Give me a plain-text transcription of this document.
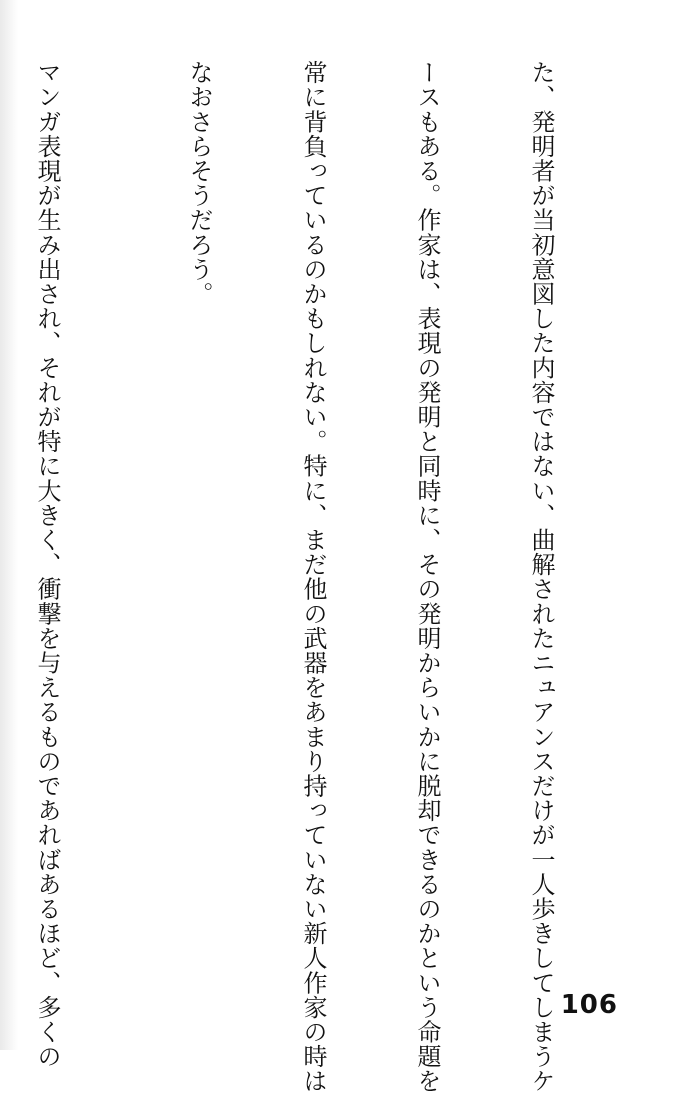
た、発明者が当初意図した内容ではない、曲解されたニュアンスだけが一人歩きしてしまうケ

ースもある。作家は、表現の発明と同時に、その発明からいかに脱却できるのかという命題を

常に背負っているのかもしれない。特に、まだ他の武器をあまり持っていない新人作家の時は

なおさらそうだろう。

マンガ表現が生み出され、それが特に大きく、衝撃を与えるものであればあるほど、多くの

	106
